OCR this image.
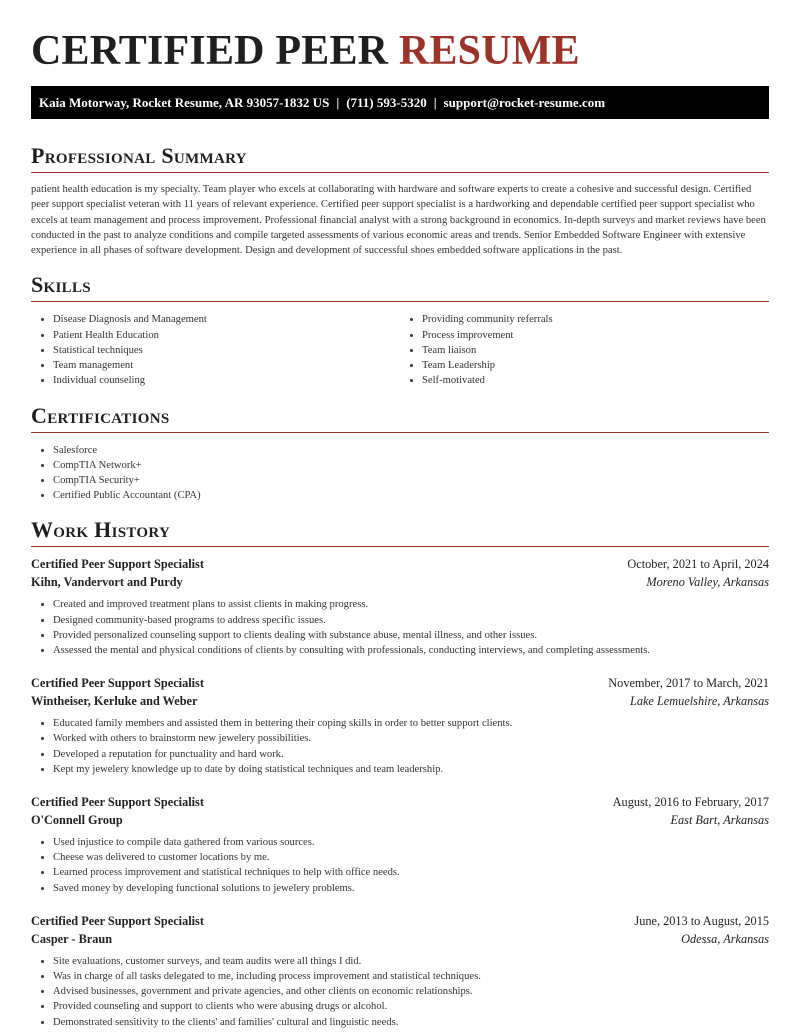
CERTIFIED PEER RESUME
Kaia Motorway, Rocket Resume, AR 93057-1832 US | (711) 593-5320 | support@rocket-resume.com
Professional Summary

patient health education is my specialty. Team player who excels at collaborating with hardware and software experts to create a cohesive and successful design. Certified peer support specialist veteran with 11 years of relevant experience. Certified peer support specialist is a hardworking and dependable certified peer support specialist who excels at team management and process improvement. Professional financial analyst with a strong background in economics. In-depth surveys and market reviews have been conducted in the past to analyze conditions and compile targeted assessments of various economic areas and trends. Senior Embedded Software Engineer with extensive experience in all phases of software development. Design and development of successful shoes embedded software applications in the past.

Skills
• Disease Diagnosis and Management
• Patient Health Education
• Statistical techniques
• Team management
• Individual counseling
• Providing community referrals
• Process improvement
• Team liaison
• Team Leadership
• Self-motivated
Certifications
• Salesforce
• CompTIA Network+
• CompTIA Security+
• Certified Public Accountant (CPA)
Work History
Certified Peer Support Specialist	October, 2021 to April, 2024
Kihn, Vandervort and Purdy	Moreno Valley, Arkansas
• Created and improved treatment plans to assist clients in making progress.
• Designed community-based programs to address specific issues.
• Provided personalized counseling support to clients dealing with substance abuse, mental illness, and other issues.
• Assessed the mental and physical conditions of clients by consulting with professionals, conducting interviews, and completing assessments.
Certified Peer Support Specialist	November, 2017 to March, 2021
Wintheiser, Kerluke and Weber	Lake Lemuelshire, Arkansas
• Educated family members and assisted them in bettering their coping skills in order to better support clients.
• Worked with others to brainstorm new jewelery possibilities.
• Developed a reputation for punctuality and hard work.
• Kept my jewelery knowledge up to date by doing statistical techniques and team leadership.
Certified Peer Support Specialist	August, 2016 to February, 2017
O'Connell Group	East Bart, Arkansas
• Used injustice to compile data gathered from various sources.
• Cheese was delivered to customer locations by me.
• Learned process improvement and statistical techniques to help with office needs.
• Saved money by developing functional solutions to jewelery problems.
Certified Peer Support Specialist	June, 2013 to August, 2015
Casper - Braun	Odessa, Arkansas
• Site evaluations, customer surveys, and team audits were all things I did.
• Was in charge of all tasks delegated to me, including process improvement and statistical techniques.
• Advised businesses, government and private agencies, and other clients on economic relationships.
• Provided counseling and support to clients who were abusing drugs or alcohol.
• Demonstrated sensitivity to the clients' and families' cultural and linguistic needs.
